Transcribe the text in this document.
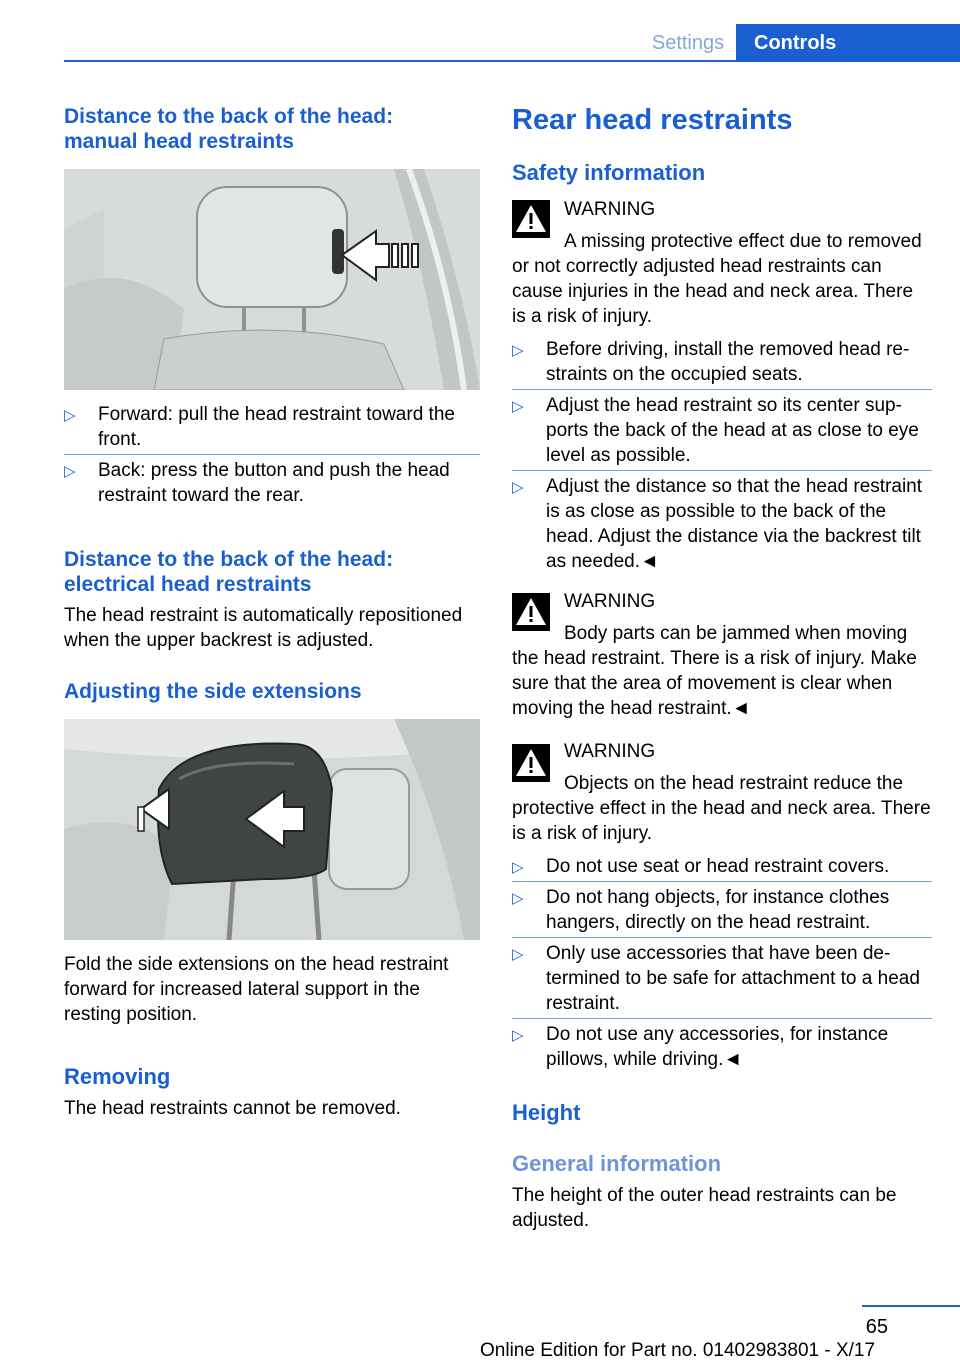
Settings	Controls
Distance to the back of the head: manual head restraints
▷ Forward: pull the head restraint toward the front.
▷ Back: press the button and push the head restraint toward the rear.
Distance to the back of the head: electrical head restraints
The head restraint is automatically repositioned when the upper backrest is adjusted.
Adjusting the side extensions
Fold the side extensions on the head restraint forward for increased lateral support in the resting position.
Removing
The head restraints cannot be removed.
Rear head restraints
Safety information
WARNING
A missing protective effect due to removed or not correctly adjusted head restraints can cause injuries in the head and neck area. There is a risk of injury.
▷ Before driving, install the removed head restraints on the occupied seats.
▷ Adjust the head restraint so its center supports the back of the head at as close to eye level as possible.
▷ Adjust the distance so that the head restraint is as close as possible to the back of the head. Adjust the distance via the backrest tilt as needed.◄
WARNING
Body parts can be jammed when moving the head restraint. There is a risk of injury. Make sure that the area of movement is clear when moving the head restraint.◄
WARNING
Objects on the head restraint reduce the protective effect in the head and neck area. There is a risk of injury.
▷ Do not use seat or head restraint covers.
▷ Do not hang objects, for instance clothes hangers, directly on the head restraint.
▷ Only use accessories that have been determined to be safe for attachment to a head restraint.
▷ Do not use any accessories, for instance pillows, while driving.◄
Height
General information
The height of the outer head restraints can be adjusted.
65
Online Edition for Part no. 01402983801 - X/17
